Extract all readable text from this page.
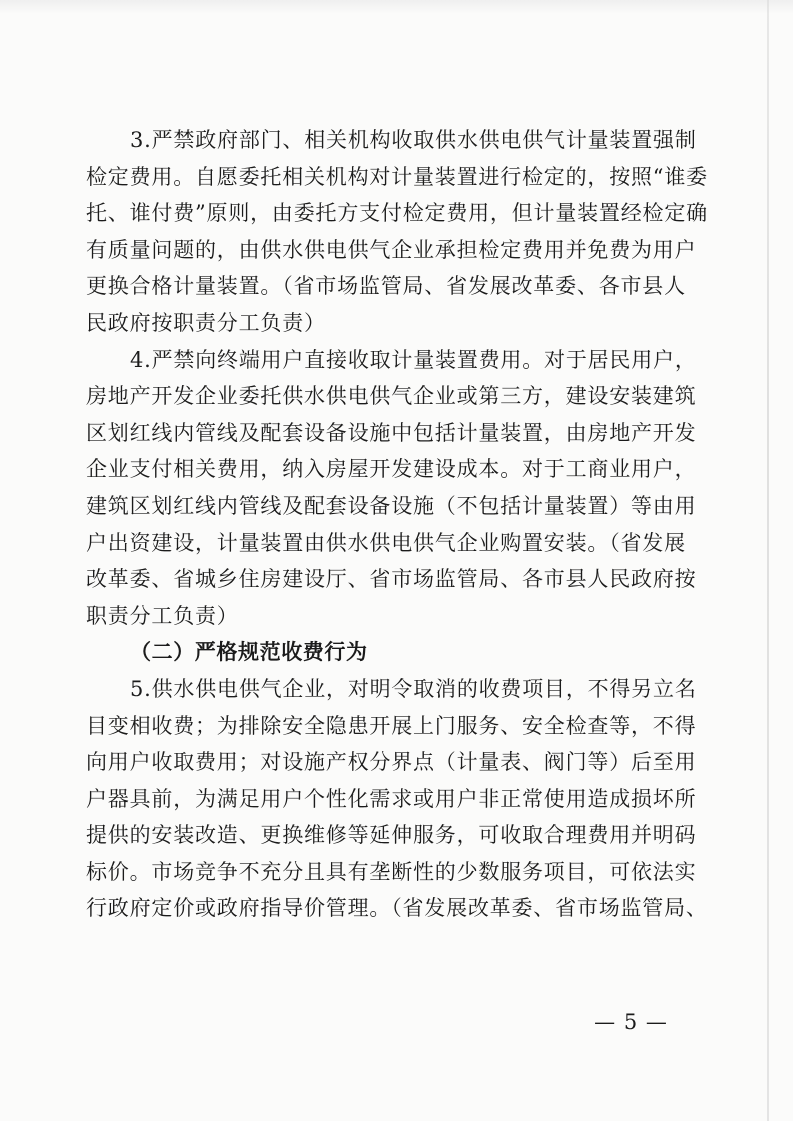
3.严禁政府部门、相关机构收取供水供电供气计量装置强制
检定费用。自愿委托相关机构对计量装置进行检定的，按照“谁委
托、谁付费”原则，由委托方支付检定费用，但计量装置经检定确
有质量问题的，由供水供电供气企业承担检定费用并免费为用户
更换合格计量装置。（省市场监管局、省发展改革委、各市县人
民政府按职责分工负责）
4.严禁向终端用户直接收取计量装置费用。对于居民用户，
房地产开发企业委托供水供电供气企业或第三方，建设安装建筑
区划红线内管线及配套设备设施中包括计量装置，由房地产开发
企业支付相关费用，纳入房屋开发建设成本。对于工商业用户，
建筑区划红线内管线及配套设备设施（不包括计量装置）等由用
户出资建设，计量装置由供水供电供气企业购置安装。（省发展
改革委、省城乡住房建设厅、省市场监管局、各市县人民政府按
职责分工负责）
（二）严格规范收费行为
5.供水供电供气企业，对明令取消的收费项目，不得另立名
目变相收费；为排除安全隐患开展上门服务、安全检查等，不得
向用户收取费用；对设施产权分界点（计量表、阀门等）后至用
户器具前，为满足用户个性化需求或用户非正常使用造成损坏所
提供的安装改造、更换维修等延伸服务，可收取合理费用并明码
标价。市场竞争不充分且具有垄断性的少数服务项目，可依法实
行政府定价或政府指导价管理。（省发展改革委、省市场监管局、
— 5 —
